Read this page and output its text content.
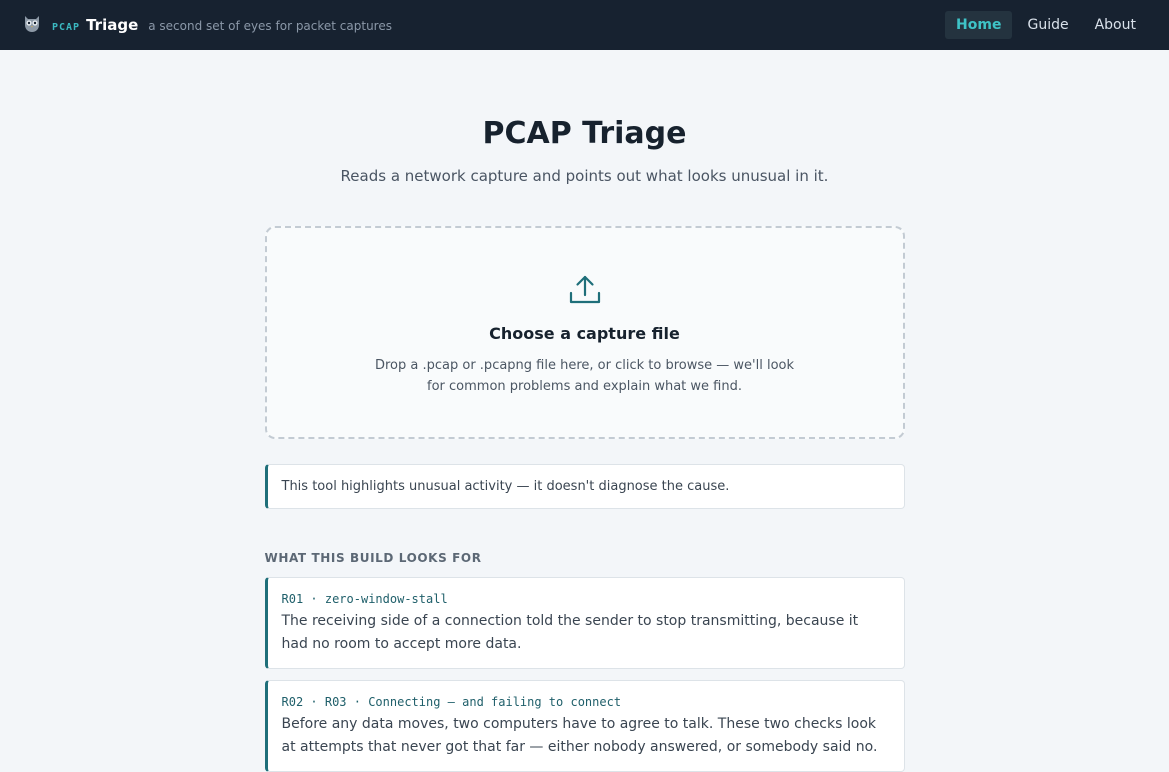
PCAP Triage a second set of eyes for packet captures	Home	Guide	About
PCAP Triage
Reads a network capture and points out what looks unusual in it.
Choose a capture file
Drop a .pcap or .pcapng file here, or click to browse — we'll look for common problems and explain what we find.
This tool highlights unusual activity — it doesn't diagnose the cause.
WHAT THIS BUILD LOOKS FOR
R01 · zero-window-stall
The receiving side of a connection told the sender to stop transmitting, because it had no room to accept more data.
R02 · R03 · Connecting — and failing to connect
Before any data moves, two computers have to agree to talk. These two checks look at attempts that never got that far — either nobody answered, or somebody said no.
